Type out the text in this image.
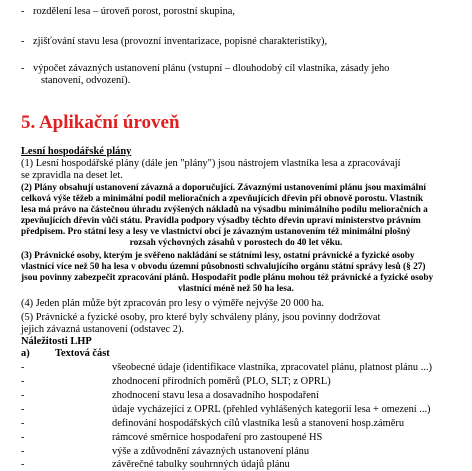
- rozdělení lesa – úroveň porost, porostní skupina,
- zjišťování stavu lesa (provozní inventarizace, popisné charakteristiky),
- výpočet závazných ustanovení plánu (vstupní – dlouhodobý cíl vlastníka, zásady jeho
stanovení, odvození).
5. Aplikační úroveň
Lesní hospodářské plány
(1) Lesní hospodářské plány (dále jen "plány") jsou nástrojem vlastníka lesa a zpracovávají
se zpravidla na deset let.
(2) Plány obsahují ustanovení závazná a doporučující. Závaznými ustanoveními plánu jsou maximální
celková výše těžeb a minimální podíl melioračních a zpevňujících dřevin při obnově porostu. Vlastník
lesa má právo na částečnou úhradu zvýšených nákladů na výsadbu minimálního podílu melioračních a
zpevňujících dřevin vůči státu. Pravidla podpory výsadby těchto dřevin upraví ministerstvo právním
předpisem. Pro státní lesy a lesy ve vlastnictví obcí je závazným ustanovením též minimální plošný
rozsah výchovných zásahů v porostech do 40 let věku.
(3) Právnické osoby, kterým je svěřeno nakládání se státními lesy, ostatní právnické a fyzické osoby
vlastnící více než 50 ha lesa v obvodu územní působnosti schvalujícího orgánu státní správy lesů (§ 27)
jsou povinny zabezpečit zpracování plánů. Hospodařit podle plánu mohou též právnické a fyzické osoby
vlastnící méně než 50 ha lesa.
(4) Jeden plán může být zpracován pro lesy o výměře nejvýše 20 000 ha.
(5) Právnické a fyzické osoby, pro které byly schváleny plány, jsou povinny dodržovat
jejich závazná ustanovení (odstavec 2).
Náležitosti LHP
a) Textová část
-	všeobecné údaje (identifikace vlastníka, zpracovatel plánu, platnost plánu ...)
-	zhodnocení přírodních poměrů (PLO, SLT; z OPRL)
-	zhodnocení stavu lesa a dosavadního hospodaření
-	údaje vycházející z OPRL (přehled vyhlášených kategorií lesa + omezení ...)
-	definování hospodářských cílů vlastníka lesů a stanovení hosp.záměru
-	rámcové směrnice hospodaření pro zastoupené HS
-	výše a zdůvodnění závazných ustanovení plánu
-	závěrečné tabulky souhrnných údajů plánu
